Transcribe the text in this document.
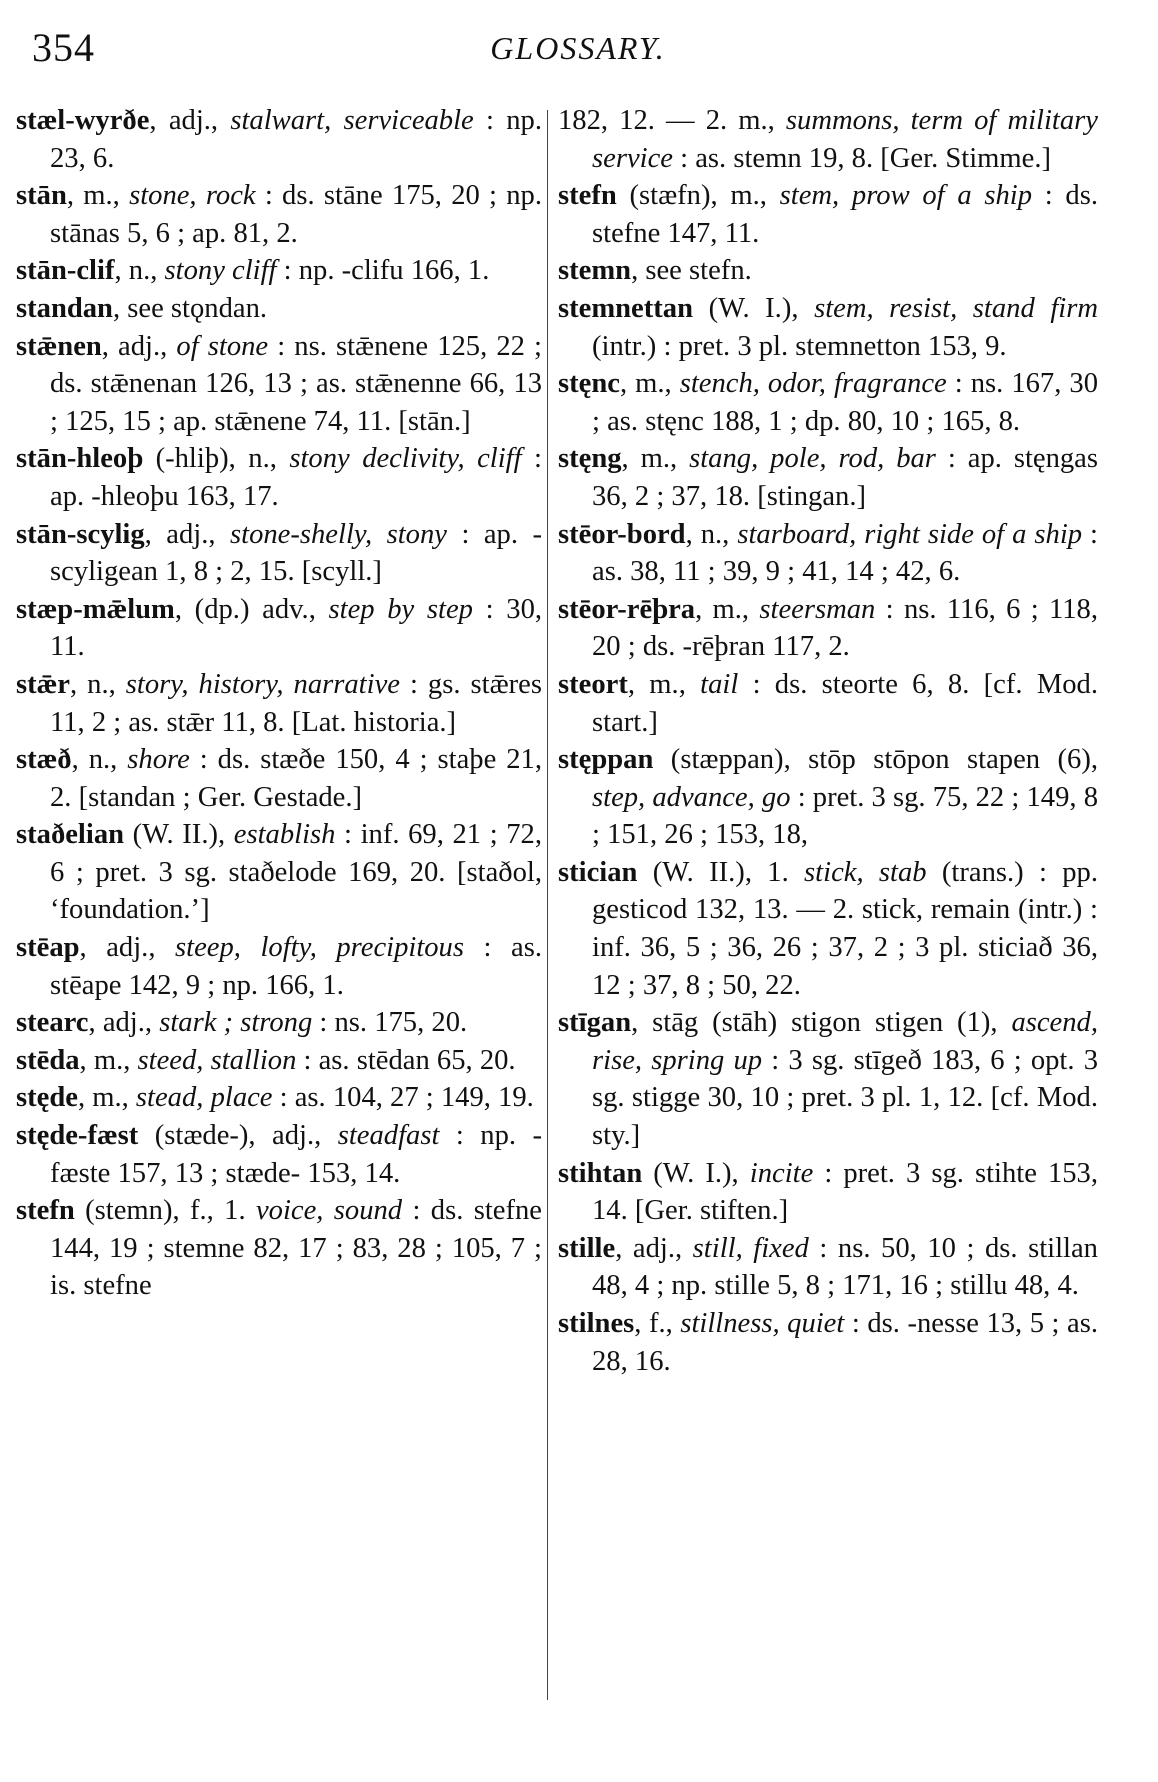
354	GLOSSARY.

stæl-wyrðe, adj., stalwart, serviceable : np. 23, 6.

stān, m., stone, rock : ds. stāne 175, 20 ; np. stānas 5, 6 ; ap. 81, 2.

stān-clif, n., stony cliff : np. -clifu 166, 1.

standan, see stǫndan.

stǣnen, adj., of stone : ns. stǣnene 125, 22 ; ds. stǣnenan 126, 13 ; as. stǣnenne 66, 13 ; 125, 15 ; ap. stǣnene 74, 11. [stān.]

stān-hleoþ (-hliþ), n., stony declivity, cliff : ap. -hleoþu 163, 17.

stān-scylig, adj., stone-shelly, stony : ap. -scyligean 1, 8 ; 2, 15. [scyll.]

stæp-mǣlum, (dp.) adv., step by step : 30, 11.

stǣr, n., story, history, narrative : gs. stǣres 11, 2 ; as. stǣr 11, 8. [Lat. historia.]

stæð, n., shore : ds. stæðe 150, 4 ; staþe 21, 2. [standan ; Ger. Gestade.]

staðelian (W. II.), establish : inf. 69, 21 ; 72, 6 ; pret. 3 sg. staðelode 169, 20. [staðol, ‘foundation.’]

stēap, adj., steep, lofty, precipitous : as. stēape 142, 9 ; np. 166, 1.

stearc, adj., stark ; strong : ns. 175, 20.

stēda, m., steed, stallion : as. stēdan 65, 20.

stęde, m., stead, place : as. 104, 27 ; 149, 19.

stęde-fæst (stæde-), adj., steadfast : np. -fæste 157, 13 ; stæde- 153, 14.

stefn (stemn), f., 1. voice, sound : ds. stefne 144, 19 ; stemne 82, 17 ; 83, 28 ; 105, 7 ; is. stefne

182, 12. — 2. m., summons, term of military service : as. stemn 19, 8. [Ger. Stimme.]

stefn (stæfn), m., stem, prow of a ship : ds. stefne 147, 11.

stemn, see stefn.

stemnettan (W. I.), stem, resist, stand firm (intr.) : pret. 3 pl. stemnetton 153, 9.

stęnc, m., stench, odor, fragrance : ns. 167, 30 ; as. stęnc 188, 1 ; dp. 80, 10 ; 165, 8.

stęng, m., stang, pole, rod, bar : ap. stęngas 36, 2 ; 37, 18. [stingan.]

stēor-bord, n., starboard, right side of a ship : as. 38, 11 ; 39, 9 ; 41, 14 ; 42, 6.

stēor-rēþra, m., steersman : ns. 116, 6 ; 118, 20 ; ds. -rēþran 117, 2.

steort, m., tail : ds. steorte 6, 8. [cf. Mod. start.]

stęppan (stæppan), stōp stōpon stapen (6), step, advance, go : pret. 3 sg. 75, 22 ; 149, 8 ; 151, 26 ; 153, 18,

stician (W. II.), 1. stick, stab (trans.) : pp. gesticod 132, 13. — 2. stick, remain (intr.) : inf. 36, 5 ; 36, 26 ; 37, 2 ; 3 pl. sticiað 36, 12 ; 37, 8 ; 50, 22.

stīgan, stāg (stāh) stigon stigen (1), ascend, rise, spring up : 3 sg. stīgeð 183, 6 ; opt. 3 sg. stigge 30, 10 ; pret. 3 pl. 1, 12. [cf. Mod. sty.]

stihtan (W. I.), incite : pret. 3 sg. stihte 153, 14. [Ger. stiften.]

stille, adj., still, fixed : ns. 50, 10 ; ds. stillan 48, 4 ; np. stille 5, 8 ; 171, 16 ; stillu 48, 4.

stilnes, f., stillness, quiet : ds. -nesse 13, 5 ; as. 28, 16.
